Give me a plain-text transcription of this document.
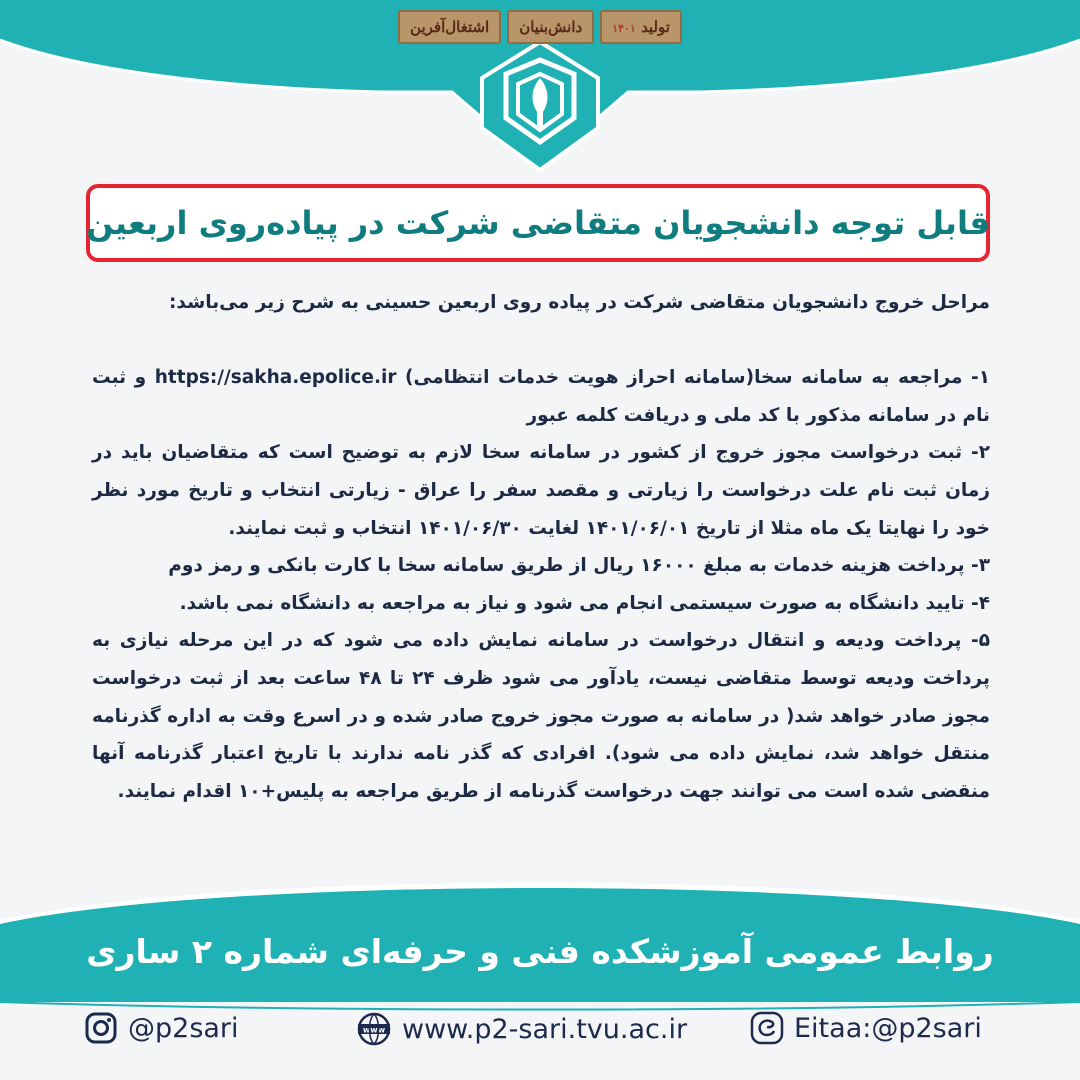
تولید ۱۴۰۱
دانش‌بنیان
اشتغال‌آفرین
قابل توجه دانشجویان متقاضی شرکت در پیاده‌روی اربعین

مراحل خروج دانشجویان متقاضی شرکت در پیاده روی اربعین حسینی به شرح زیر می‌باشد:

۱- مراجعه به سامانه سخا(سامانه احراز هویت خدمات انتظامی) https://sakha.epolice.ir و ثبت نام در سامانه مذکور با کد ملی و دریافت کلمه عبور

۲- ثبت درخواست مجوز خروج از کشور در سامانه سخا لازم به توضیح است که متقاضیان باید در زمان ثبت نام علت درخواست را زیارتی و مقصد سفر را عراق - زیارتی انتخاب و تاریخ مورد نظر خود را نهایتا یک ماه مثلا از تاریخ ۱۴۰۱/۰۶/۰۱ لغایت ۱۴۰۱/۰۶/۳۰ انتخاب و ثبت نمایند.

۳- پرداخت هزینه خدمات به مبلغ ۱۶۰۰۰ ریال از طریق سامانه سخا با کارت بانکی و رمز دوم

۴- تایید دانشگاه به صورت سیستمی انجام می شود و نیاز به مراجعه به دانشگاه نمی باشد.

۵- پرداخت ودیعه و انتقال درخواست در سامانه نمایش داده می شود که در این مرحله نیازی به پرداخت ودیعه توسط متقاضی نیست، یادآور می شود ظرف ۲۴ تا ۴۸ ساعت بعد از ثبت درخواست مجوز صادر خواهد شد( در سامانه به صورت مجوز خروج صادر شده و در اسرع وقت به اداره گذرنامه منتقل خواهد شد، نمایش داده می شود). افرادی که گذر نامه ندارند با تاریخ اعتبار گذرنامه آنها منقضی شده است می توانند جهت درخواست گذرنامه از طریق مراجعه به پلیس+۱۰ اقدام نمایند.

روابط عمومی آموزشکده فنی و حرفه‌ای شماره ۲ ساری
@p2sari	www www.p2-sari.tvu.ac.ir	Eitaa:@p2sari
